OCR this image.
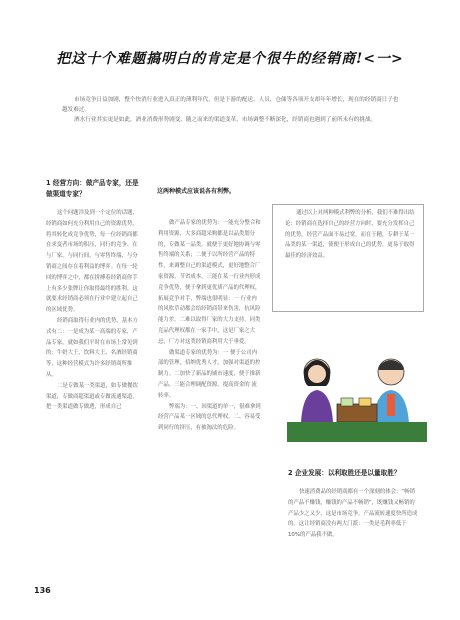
把这十个难题搞明白的肯定是个很牛的经销商!<一>

市场竞争日益加剧，整个快消行业进入真正的薄利年代，但是下游的配送、人员、仓储等各项开支却年年增长，现在的经销商日子也越发难过。

酒水行业其实更是如此，酒业消费形势剧变，随之而来的渠道变革，市场调整不断深化，经销商也遇到了前所未有的挑战。

1 经营方向：做产品专家，还是做渠道专家？

这个问题涉及到一个定位的话题，经销商如何充分利用自己的资源优势，将其转化成竞争优势，每一位经销商都在求变者市场的积压，同行的竞争、在与厂家，与同行间，与零售终端，与分销商之间存在着利益的博弈。在每一轮回的博弈之中，都在拼搏着经销商你手上有多少张牌让你取得最终的胜利。这就要求经销商必须在行业中建立起自己的区域优势。

经销商取得行业内的优势，基本方式有二：一是成为某一高端的专家，产品专家，就如我们平时在市场上常见到的：牛奶大王，饮料大王、名酒经销商等，这种经营模式为许多经销商所推从。

二是专做某一类渠道，如专做餐饮渠道，专做商超渠道或专做流通渠道，把一类渠道做专做透，形成自己

这两种模式应该说各有利弊。

做产品专家的优势为：一能充分整合和利用资源，大多商超采购都是以品类划分的，专做某一品类，就便于更好地协调与零售终端的关系；二便于以所经营产品的特性，来调整自己的渠道模式，更好地整合厂家资源，节省成本，三能在某一行业内形成竞争优势，便于拿到更优质产品的代理权，拓展竞争对手，弊端也很明显：一 行业内的风吹草动都会给经销商带来伤害，抗风险能力差。二难以取得厂家的大力支持，同类竞品代理权都在一家手中，这是厂家之大忌，厂方对这类经销商利用大于垂爱。

做渠道专家的优势为：一 便于公司内部的管理，招纳优秀人才，加强对渠道的控制力。二加快了新品的铺市速度，便于推新产品。三能合理调配资源，提高资金的 流转率。

弊端为：一、因渠道的单一，很难拿到经营产品某一区域的总代理权。二、容易受到同行的挤压，有被淘汰的危险。

通过以上对两种模式利弊的分析，我们不难得出结论：经销商在选择自己的经营方向时，要充分发挥自己的优势，经营产品面不易过宽，而在于精，专耕于某一品类的某一渠道，使便于形成自己的优势，更易于取得最佳的经济效益。

2 企业发展：以利取胜还是以量取胜？

快速消费品的经销商都有一个深刻的体会：“畅销的产品不赚钱，赚钱的产品不畅销”，既赚钱又畅销的产品少之又少，这是市场竞争，产品流转速度快所造成的。这让经销商没有两大门派：一类是毛利率低于10%的产品我不做。

136
